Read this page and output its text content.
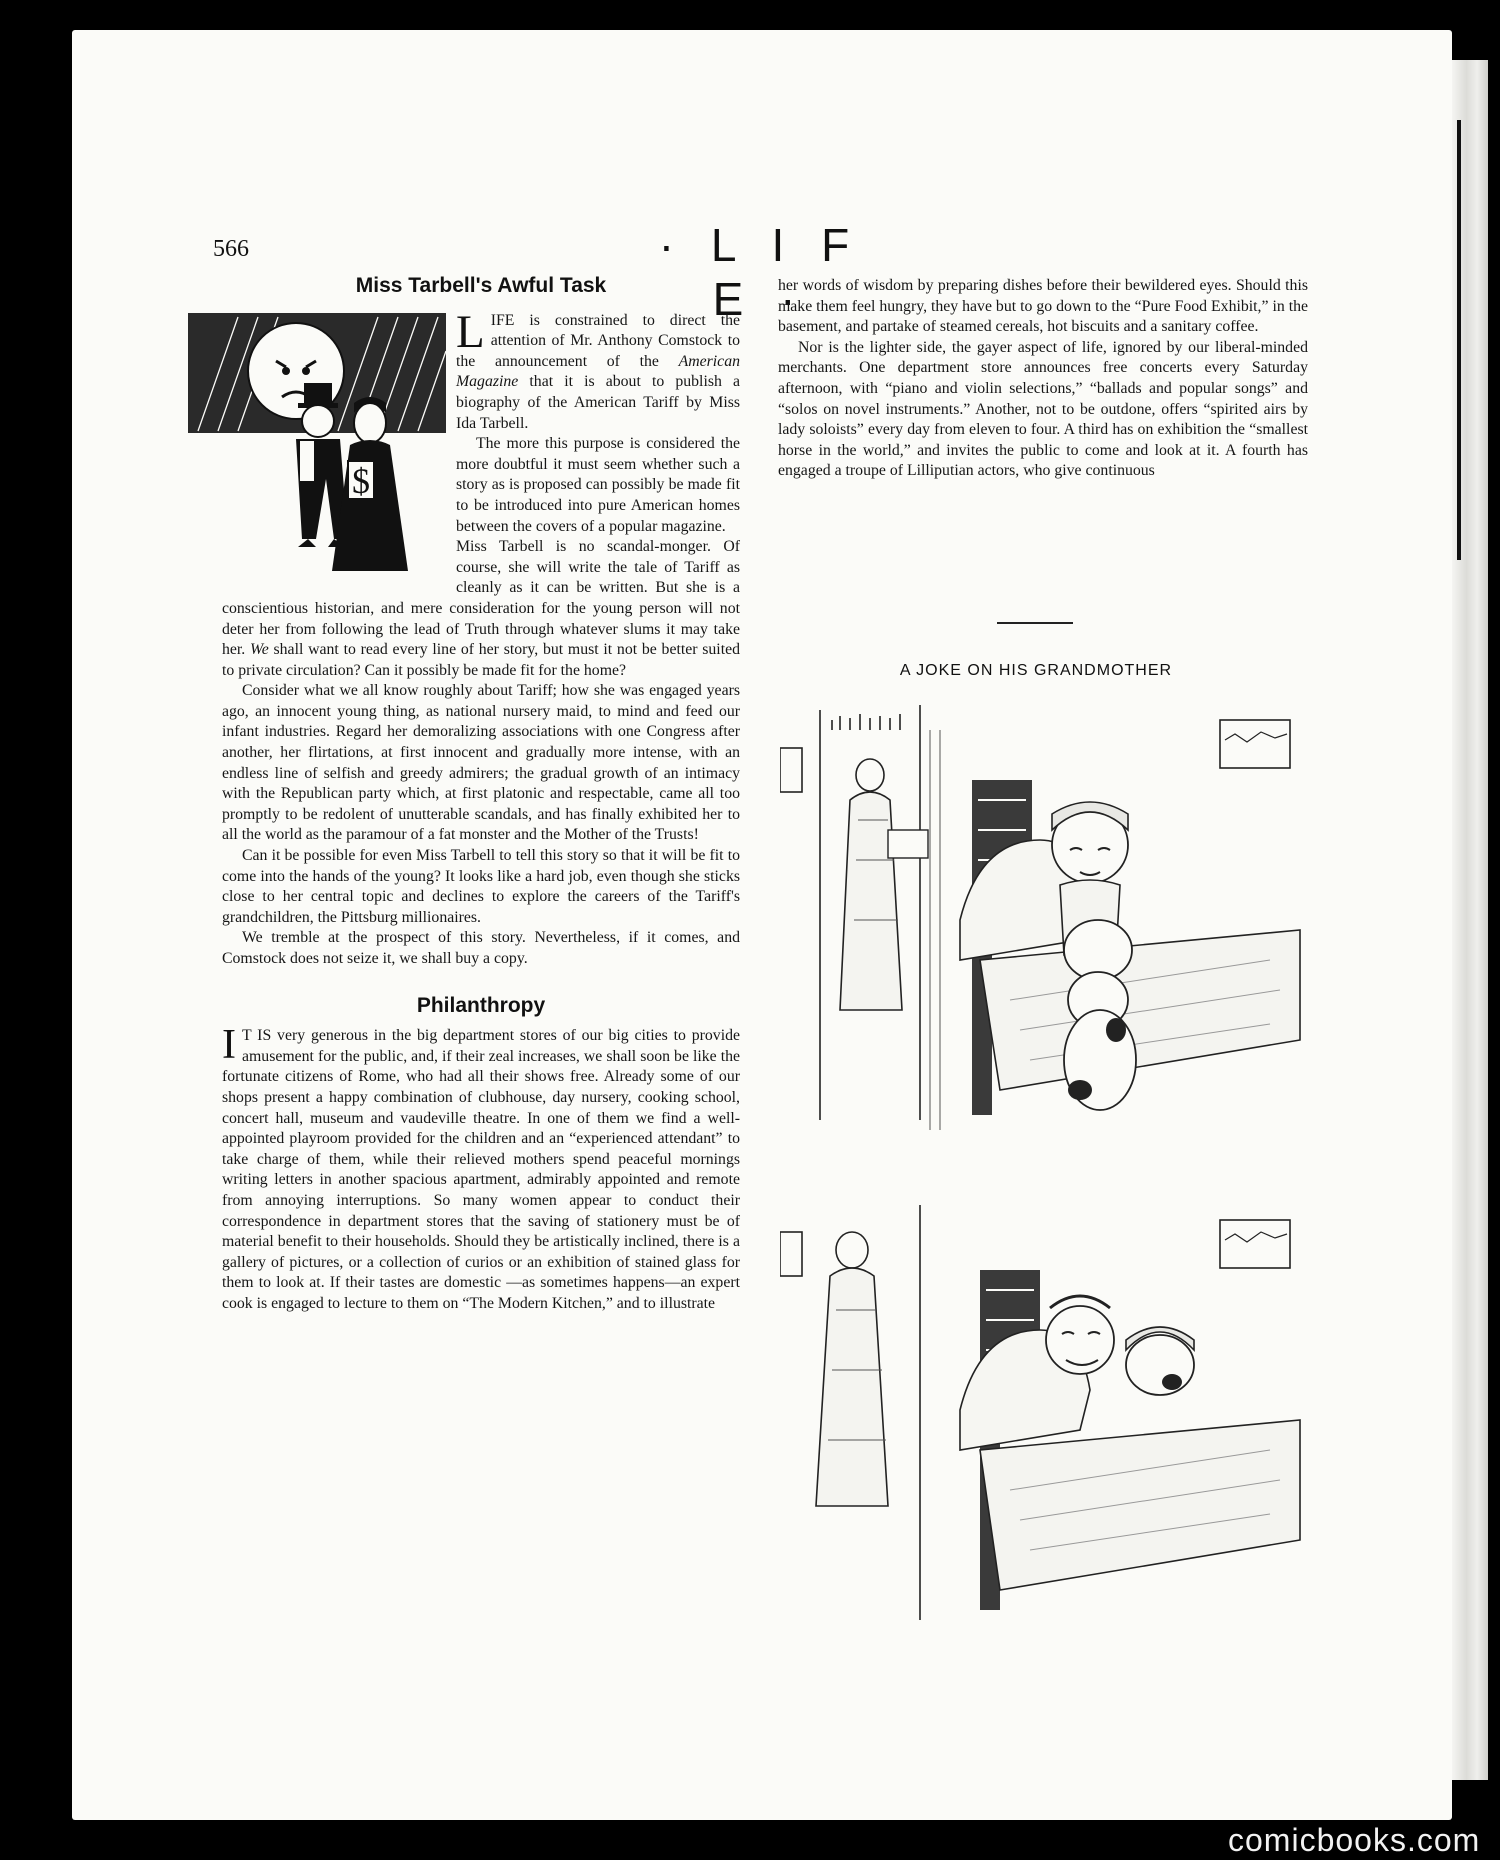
566	· L I F E ·
Miss Tarbell's Awful Task
$

LIFE is constrained to direct the attention of Mr. Anthony Comstock to the announcement of the American Magazine that it is about to publish a biography of the American Tariff by Miss Ida Tarbell.

The more this purpose is considered the more doubtful it must seem whether such a story as is proposed can possibly be made fit to be introduced into pure American homes between the covers of a popular magazine.

Miss Tarbell is no scandal-monger. Of course, she will write the tale of Tariff as cleanly as it can be written. But she is a conscientious historian, and mere consideration for the young person will not deter her from following the lead of Truth through whatever slums it may take her. We shall want to read every line of her story, but must it not be better suited to private circulation? Can it possibly be made fit for the home?

Consider what we all know roughly about Tariff; how she was engaged years ago, an innocent young thing, as national nursery maid, to mind and feed our infant industries. Regard her demoralizing associations with one Congress after another, her flirtations, at first innocent and gradually more intense, with an endless line of selfish and greedy admirers; the gradual growth of an intimacy with the Republican party which, at first platonic and respectable, came all too promptly to be redolent of unutterable scandals, and has finally exhibited her to all the world as the paramour of a fat monster and the Mother of the Trusts!

Can it be possible for even Miss Tarbell to tell this story so that it will be fit to come into the hands of the young? It looks like a hard job, even though she sticks close to her central topic and declines to explore the careers of the Tariff's grandchildren, the Pittsburg millionaires.

We tremble at the prospect of this story. Nevertheless, if it comes, and Comstock does not seize it, we shall buy a copy.

Philanthropy

I T IS very generous in the big department stores of our big cities to provide amusement for the public, and, if their zeal increases, we shall soon be like the fortunate citizens of Rome, who had all their shows free. Already some of our shops present a happy combination of clubhouse, day nursery, cooking school, concert hall, museum and vaudeville theatre. In one of them we find a well-appointed playroom provided for the children and an “experienced attendant” to take charge of them, while their relieved mothers spend peaceful mornings writing letters in another spacious apartment, admirably appointed and remote from annoying interruptions. So many women appear to conduct their correspondence in department stores that the saving of stationery must be of material benefit to their households. Should they be artistically inclined, there is a gallery of pictures, or a collection of curios or an exhibition of stained glass for them to look at. If their tastes are domestic —as sometimes happens—an expert cook is engaged to lecture to them on “The Modern Kitchen,” and to illustrate

her words of wisdom by preparing dishes before their bewildered eyes. Should this make them feel hungry, they have but to go down to the “Pure Food Exhibit,” in the basement, and partake of steamed cereals, hot biscuits and a sanitary coffee.

Nor is the lighter side, the gayer aspect of life, ignored by our liberal-minded merchants. One department store announces free concerts every Saturday afternoon, with “piano and violin selections,” “ballads and popular songs” and “solos on novel instruments.” Another, not to be outdone, offers “spirited airs by lady soloists” every day from eleven to four. A third has on exhibition the “smallest horse in the world,” and invites the public to come and look at it. A fourth has engaged a troupe of Lilliputian actors, who give continuous

A JOKE ON HIS GRANDMOTHER
comicbooks.com
